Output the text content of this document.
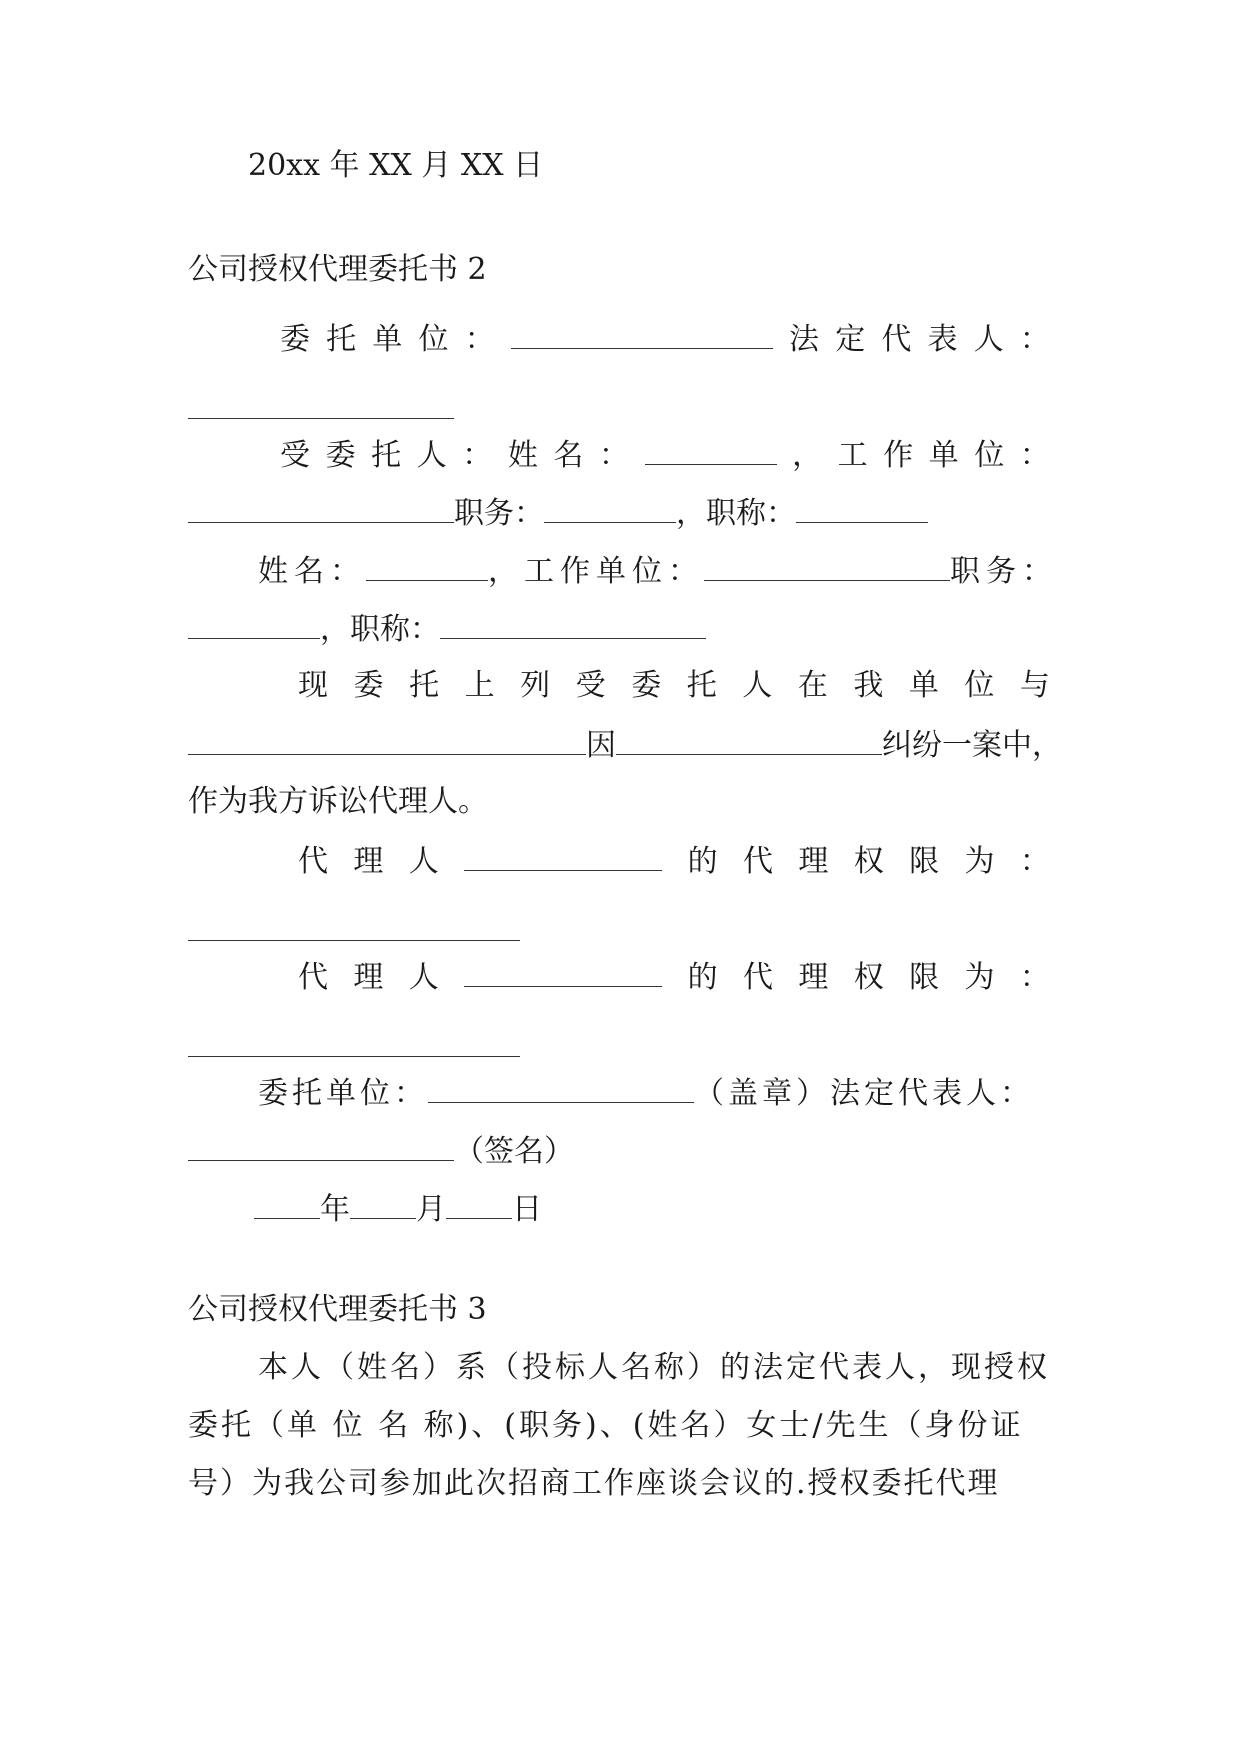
20xx 年 XX 月 XX 日
公司授权代理委托书 2
委 托 单 位 ：	法 定 代 表 人 ：
受 委 托 人 ： 姓 名 ：	， 工 作 单 位 ：
职务：	，职称：
姓名：	，工作单位：	职务：
，职称：
现 委 托 上 列 受 委 托 人 在 我 单 位 与
因	纠纷一案中，
作为我方诉讼代理人。
代 理 人	的 代 理 权 限 为 ：
代 理 人	的 代 理 权 限 为 ：
委托单位：	（盖章）法定代表人：
（签名）
年 月 日
公司授权代理委托书 3
本人（姓名）系（投标人名称）的法定代表人，现授权
委托（单 位 名 称)、(职务)、(姓名）女士/先生（身份证
号）为我公司参加此次招商工作座谈会议的.授权委托代理
